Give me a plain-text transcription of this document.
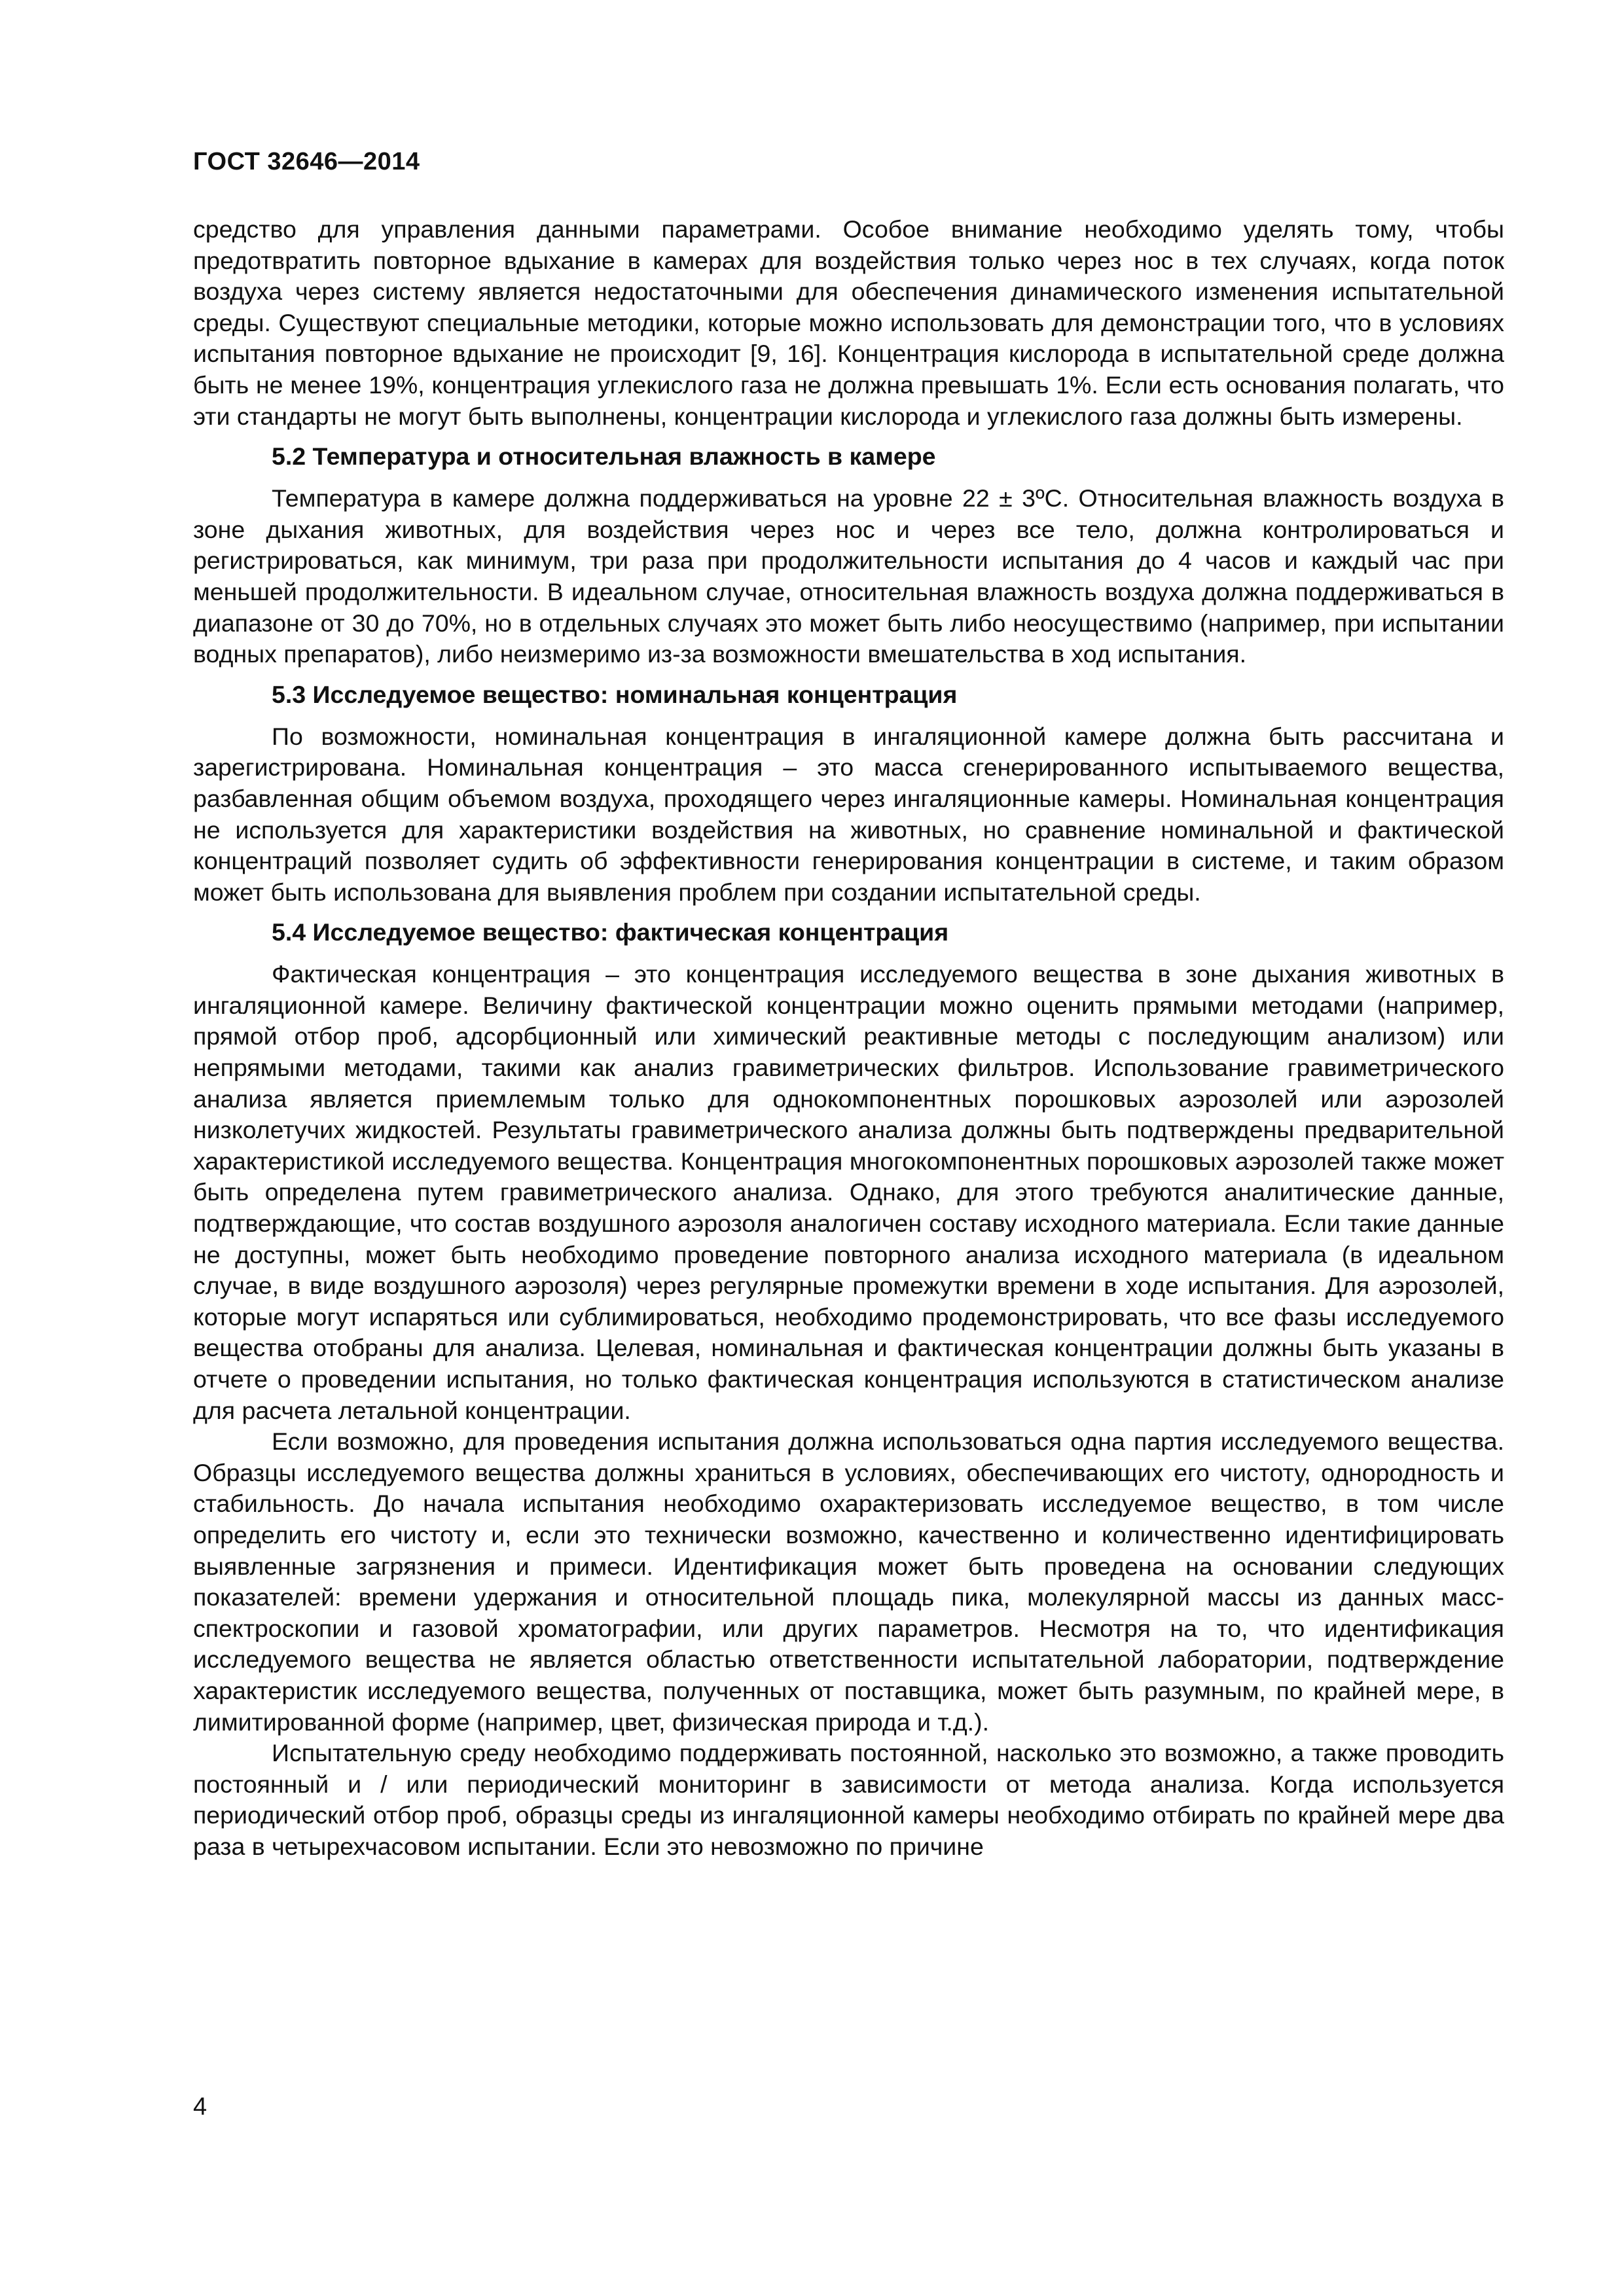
ГОСТ 32646—2014

средство для управления данными параметрами. Особое внимание необходимо уделять тому, чтобы предотвратить повторное вдыхание в камерах для воздействия только через нос в тех случаях, когда поток воздуха через систему является недостаточными для обеспечения динамического изменения испытательной среды. Существуют специальные методики, которые можно использовать для демонстрации того, что в условиях испытания повторное вдыхание не происходит [9, 16]. Концентрация кислорода в испытательной среде должна быть не менее 19%, концентрация углекислого газа не должна превышать 1%. Если есть основания полагать, что эти стандарты не могут быть выполнены, концентрации кислорода и углекислого газа должны быть измерены.

5.2 Температура и относительная влажность в камере

Температура в камере должна поддерживаться на уровне 22 ± 3ºС. Относительная влажность воздуха в зоне дыхания животных, для воздействия через нос и через все тело, должна контролироваться и регистрироваться, как минимум, три раза при продолжительности испытания до 4 часов и каждый час при меньшей продолжительности. В идеальном случае, относительная влажность воздуха должна поддерживаться в диапазоне от 30 до 70%, но в отдельных случаях это может быть либо неосуществимо (например, при испытании водных препаратов), либо неизмеримо из-за возможности вмешательства в ход испытания.

5.3 Исследуемое вещество: номинальная концентрация

По возможности, номинальная концентрация в ингаляционной камере должна быть рассчитана и зарегистрирована. Номинальная концентрация – это масса сгенерированного испытываемого вещества, разбавленная общим объемом воздуха, проходящего через ингаляционные камеры. Номинальная концентрация не используется для характеристики воздействия на животных, но сравнение номинальной и фактической концентраций позволяет судить об эффективности генерирования концентрации в системе, и таким образом может быть использована для выявления проблем при создании испытательной среды.

5.4 Исследуемое вещество: фактическая концентрация

Фактическая концентрация – это концентрация исследуемого вещества в зоне дыхания животных в ингаляционной камере. Величину фактической концентрации можно оценить прямыми методами (например, прямой отбор проб, адсорбционный или химический реактивные методы с последующим анализом) или непрямыми методами, такими как анализ гравиметрических фильтров. Использование гравиметрического анализа является приемлемым только для однокомпонентных порошковых аэрозолей или аэрозолей низколетучих жидкостей. Результаты гравиметрического анализа должны быть подтверждены предварительной характеристикой исследуемого вещества. Концентрация многокомпонентных порошковых аэрозолей также может быть определена путем гравиметрического анализа. Однако, для этого требуются аналитические данные, подтверждающие, что состав воздушного аэрозоля аналогичен составу исходного материала. Если такие данные не доступны, может быть необходимо проведение повторного анализа исходного материала (в идеальном случае, в виде воздушного аэрозоля) через регулярные промежутки времени в ходе испытания. Для аэрозолей, которые могут испаряться или сублимироваться, необходимо продемонстрировать, что все фазы исследуемого вещества отобраны для анализа. Целевая, номинальная и фактическая концентрации должны быть указаны в отчете о проведении испытания, но только фактическая концентрация используются в статистическом анализе для расчета летальной концентрации.

Если возможно, для проведения испытания должна использоваться одна партия исследуемого вещества. Образцы исследуемого вещества должны храниться в условиях, обеспечивающих его чистоту, однородность и стабильность. До начала испытания необходимо охарактеризовать исследуемое вещество, в том числе определить его чистоту и, если это технически возможно, качественно и количественно идентифицировать выявленные загрязнения и примеси. Идентификация может быть проведена на основании следующих показателей: времени удержания и относительной площадь пика, молекулярной массы из данных масс-спектроскопии и газовой хроматографии, или других параметров. Несмотря на то, что идентификация исследуемого вещества не является областью ответственности испытательной лаборатории, подтверждение характеристик исследуемого вещества, полученных от поставщика, может быть разумным, по крайней мере, в лимитированной форме (например, цвет, физическая природа и т.д.).

Испытательную среду необходимо поддерживать постоянной, насколько это возможно, а также проводить постоянный и / или периодический мониторинг в зависимости от метода анализа. Когда используется периодический отбор проб, образцы среды из ингаляционной камеры необходимо отбирать по крайней мере два раза в четырехчасовом испытании. Если это невозможно по причине

4
